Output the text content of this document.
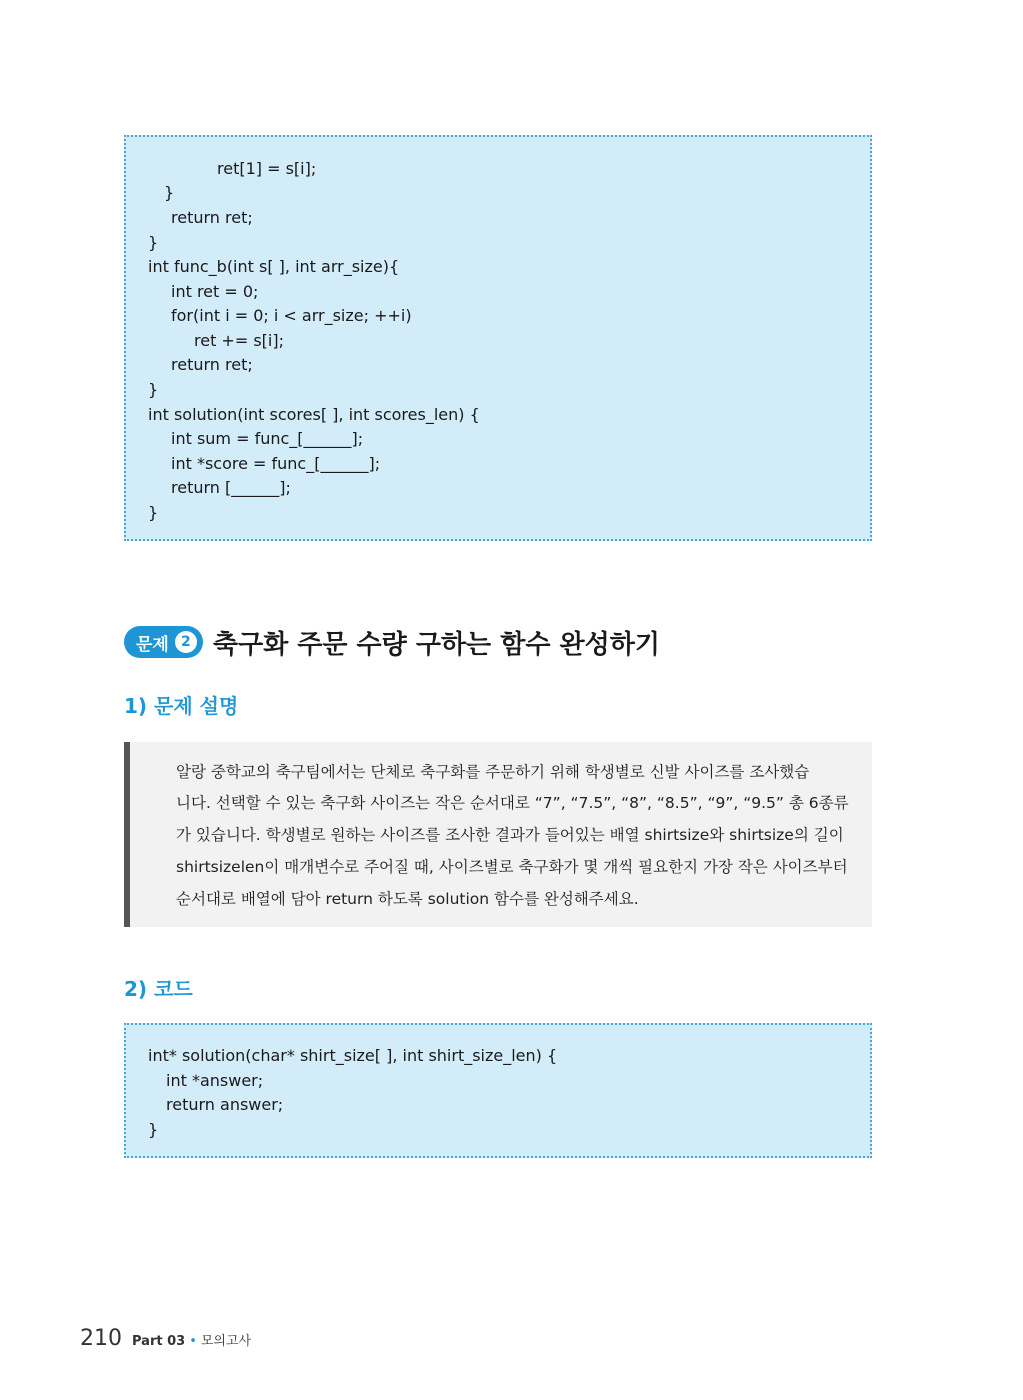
ret[1] = s[i];
}
return ret;
}
int func_b(int s[ ], int arr_size){
int ret = 0;
for(int i = 0; i < arr_size; ++i)
ret += s[i];
return ret;
}
int solution(int scores[ ], int scores_len) {
int sum = func_[______];
int *score = func_[______];
return [______];
}
문제 2 축구화 주문 수량 구하는 함수 완성하기
1) 문제 설명
알랑 중학교의 축구팀에서는 단체로 축구화를 주문하기 위해 학생별로 신발 사이즈를 조사했습
니다. 선택할 수 있는 축구화 사이즈는 작은 순서대로 “7”, “7.5”, “8”, “8.5”, “9”, “9.5” 총 6종류
가 있습니다. 학생별로 원하는 사이즈를 조사한 결과가 들어있는 배열 shirtsize와 shirtsize의 길이
shirtsizelen이 매개변수로 주어질 때, 사이즈별로 축구화가 몇 개씩 필요한지 가장 작은 사이즈부터
순서대로 배열에 담아 return 하도록 solution 함수를 완성해주세요.
2) 코드
int* solution(char* shirt_size[ ], int shirt_size_len) {
int *answer;
return answer;
}
210 Part 03 • 모의고사
